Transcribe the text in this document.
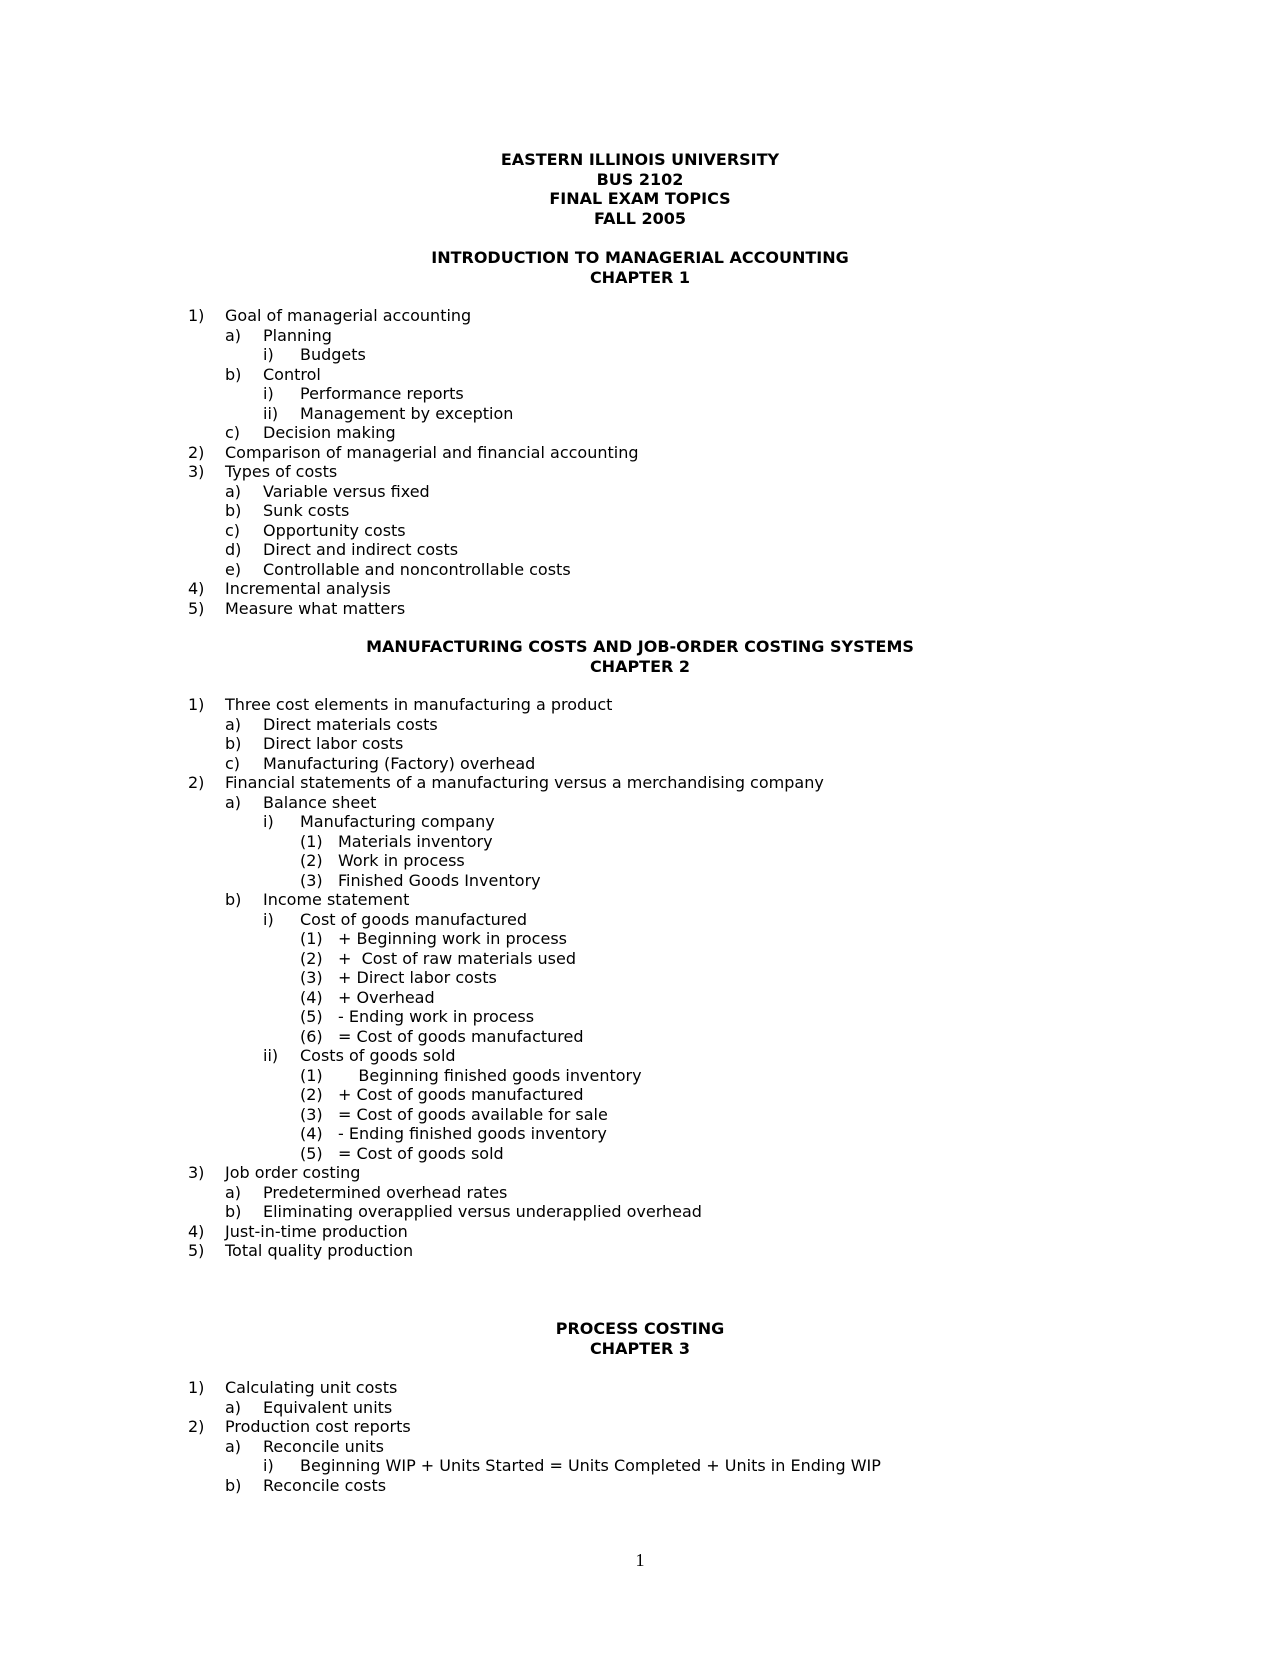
EASTERN ILLINOIS UNIVERSITY
BUS 2102
FINAL EXAM TOPICS
FALL 2005
INTRODUCTION TO MANAGERIAL ACCOUNTING
CHAPTER 1
1) Goal of managerial accounting
a) Planning
i) Budgets
b) Control
i) Performance reports
ii) Management by exception
c) Decision making
2) Comparison of managerial and financial accounting
3) Types of costs
a) Variable versus fixed
b) Sunk costs
c) Opportunity costs
d) Direct and indirect costs
e) Controllable and noncontrollable costs
4) Incremental analysis
5) Measure what matters
MANUFACTURING COSTS AND JOB-ORDER COSTING SYSTEMS
CHAPTER 2
1) Three cost elements in manufacturing a product
a) Direct materials costs
b) Direct labor costs
c) Manufacturing (Factory) overhead
2) Financial statements of a manufacturing versus a merchandising company
a) Balance sheet
i) Manufacturing company
(1) Materials inventory
(2) Work in process
(3) Finished Goods Inventory
b) Income statement
i) Cost of goods manufactured
(1) + Beginning work in process
(2) +  Cost of raw materials used
(3) + Direct labor costs
(4) + Overhead
(5) - Ending work in process
(6) = Cost of goods manufactured
ii) Costs of goods sold
(1) Beginning finished goods inventory
(2) + Cost of goods manufactured
(3) = Cost of goods available for sale
(4) - Ending finished goods inventory
(5) = Cost of goods sold
3) Job order costing
a) Predetermined overhead rates
b) Eliminating overapplied versus underapplied overhead
4) Just-in-time production
5) Total quality production
PROCESS COSTING
CHAPTER 3
1) Calculating unit costs
a) Equivalent units
2) Production cost reports
a) Reconcile units
i) Beginning WIP + Units Started = Units Completed + Units in Ending WIP
b) Reconcile costs
1
